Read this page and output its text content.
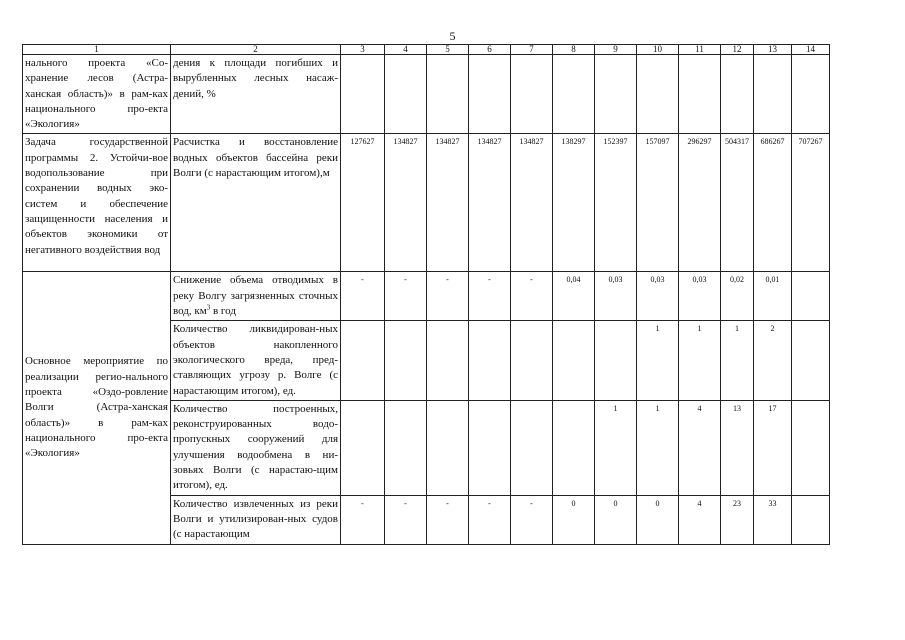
5
1	2	3	4	5	6	7	8	9	10	11	12	13	14
нального проекта «Со-хранение лесов (Астра-ханская область)» в рам-ках национального про-екта «Экология»	дения к площади погибших и вырубленных лесных насаж-дений, %												
Задача государственной программы 2. Устойчи-вое водопользование при сохранении водных эко-систем и обеспечение защищенности населения и объектов экономики от негативного воздействия вод	Расчистка и восстановление водных объектов бассейна реки Волги (с нарастающим итогом),м	127627	134827	134827	134827	134827	138297	152397	157097	296297	504317	686267	707267
Основное мероприятие по реализации регио-нального проекта «Оздо-ровление Волги (Астра-ханская область)» в рам-ках национального про-екта «Экология»	Снижение объема отводимых в реку Волгу загрязненных сточных вод, $км^3$ в год	-	-	-	-	-	0,04	0,03	0,03	0,03	0,02	0,01	
	Количество ликвидирован-ных объектов накопленного экологического вреда, пред-ставляющих угрозу р. Волге (с нарастающим итогом), ед.								1	1	1	2	
	Количество построенных, реконструированных водо-пропускных сооружений для улучшения водообмена в ни-зовьях Волги (с нарастаю-щим итогом), ед.							1	1	4	13	17	
	Количество извлеченных из реки Волги и утилизирован-ных судов (с нарастающим	-	-	-	-	-	0	0	0	4	23	33	
